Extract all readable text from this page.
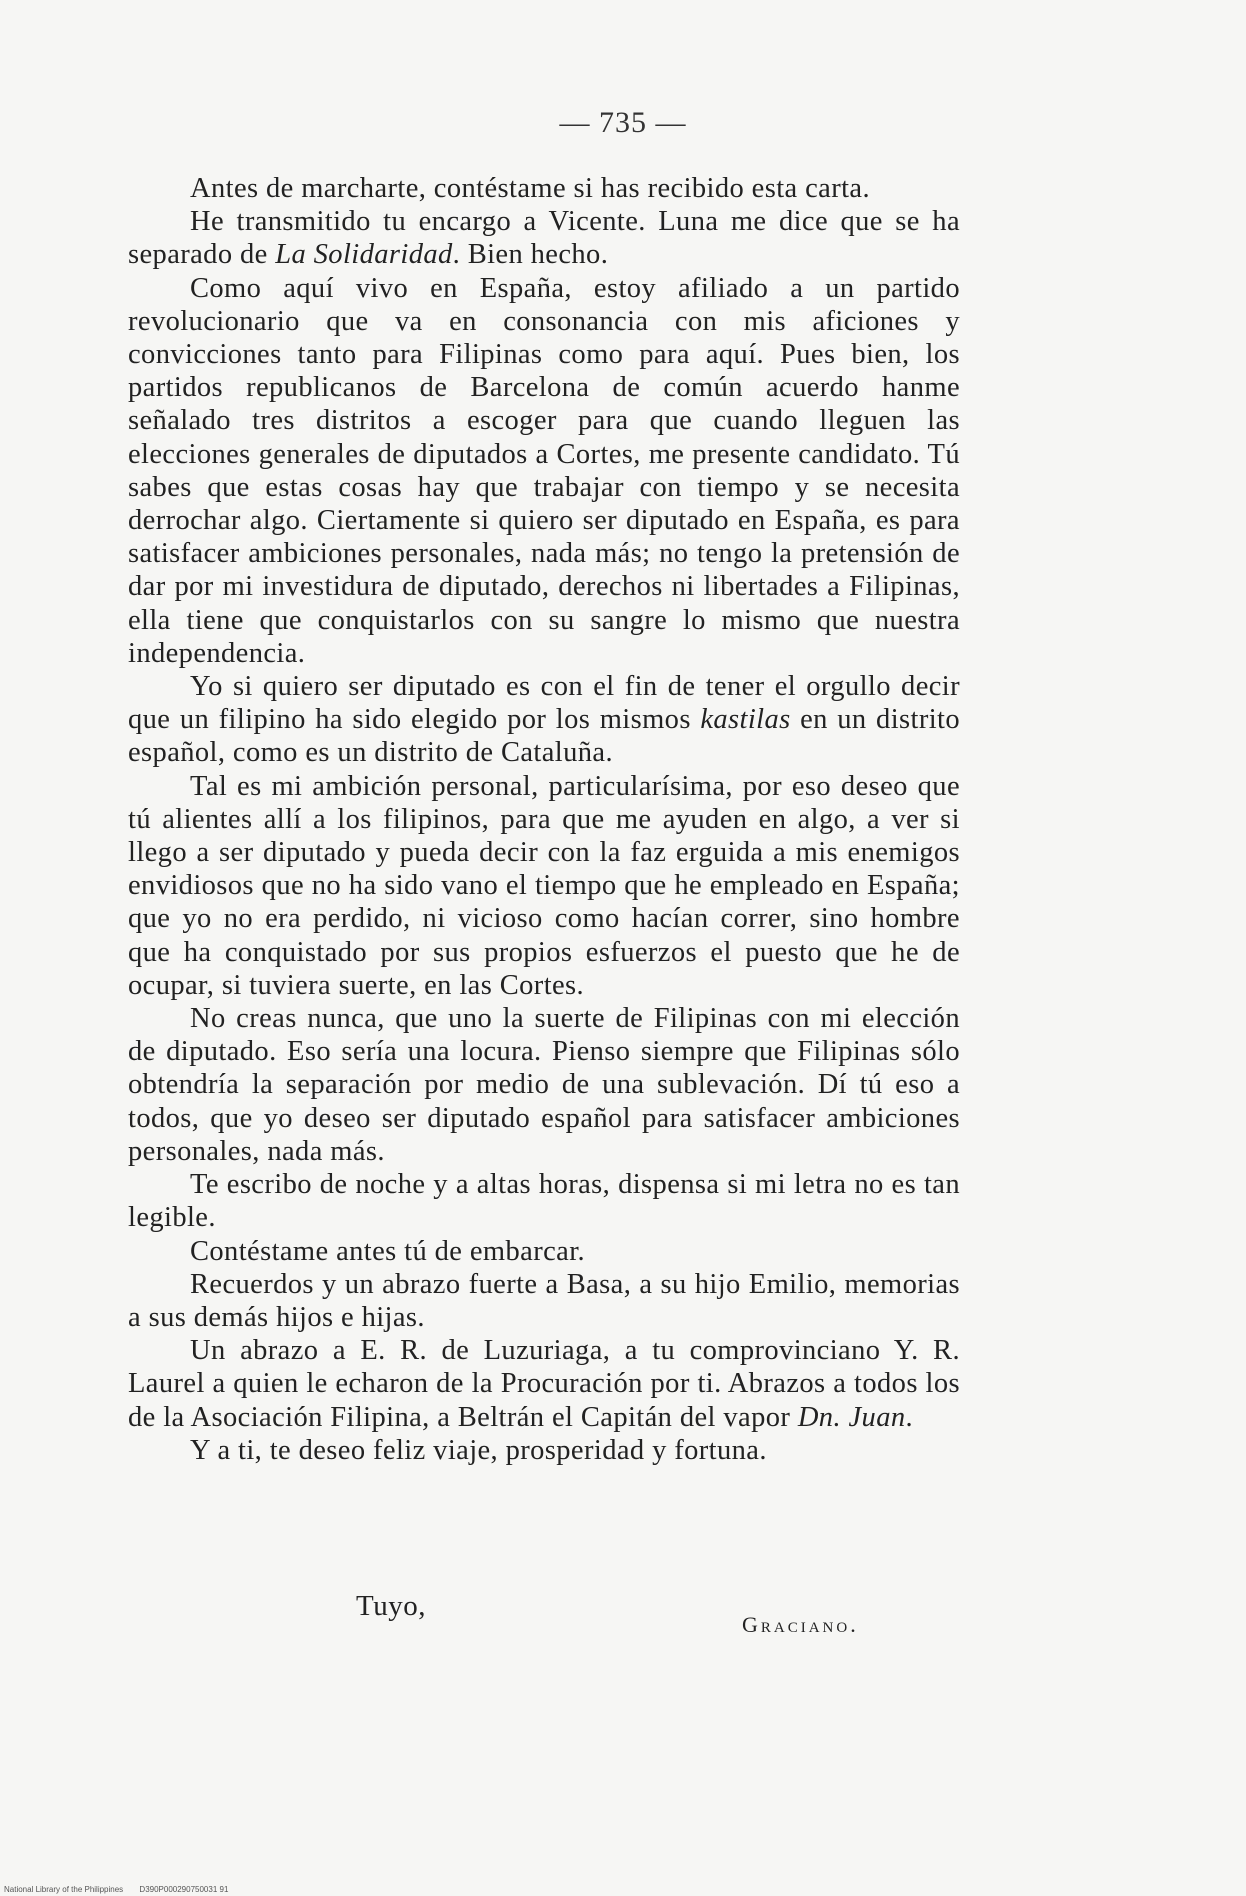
— 735 —

Antes de marcharte, contéstame si has recibido esta carta.

He transmitido tu encargo a Vicente. Luna me dice que se ha separado de La Solidaridad. Bien hecho.

Como aquí vivo en España, estoy afiliado a un partido revolucionario que va en consonancia con mis aficiones y convicciones tanto para Filipinas como para aquí. Pues bien, los partidos republicanos de Barcelona de común acuerdo hanme señalado tres distritos a escoger para que cuando lleguen las elecciones generales de diputados a Cortes, me presente candidato. Tú sabes que estas cosas hay que trabajar con tiempo y se necesita derrochar algo. Ciertamente si quiero ser diputado en España, es para satisfacer ambiciones personales, nada más; no tengo la pretensión de dar por mi investidura de diputado, derechos ni libertades a Filipinas, ella tiene que conquistarlos con su sangre lo mismo que nuestra independencia.

Yo si quiero ser diputado es con el fin de tener el orgullo decir que un filipino ha sido elegido por los mismos kastilas en un distrito español, como es un distrito de Cataluña.

Tal es mi ambición personal, particularísima, por eso deseo que tú alientes allí a los filipinos, para que me ayuden en algo, a ver si llego a ser diputado y pueda decir con la faz erguida a mis enemigos envidiosos que no ha sido vano el tiempo que he empleado en España; que yo no era perdido, ni vicioso como hacían correr, sino hombre que ha conquistado por sus propios esfuerzos el puesto que he de ocupar, si tuviera suerte, en las Cortes.

No creas nunca, que uno la suerte de Filipinas con mi elección de diputado. Eso sería una locura. Pienso siempre que Filipinas sólo obtendría la separación por medio de una sublevación. Dí tú eso a todos, que yo deseo ser diputado español para satisfacer ambiciones personales, nada más.

Te escribo de noche y a altas horas, dispensa si mi letra no es tan legible.

Contéstame antes tú de embarcar.

Recuerdos y un abrazo fuerte a Basa, a su hijo Emilio, memorias a sus demás hijos e hijas.

Un abrazo a E. R. de Luzuriaga, a tu comprovinciano Y. R. Laurel a quien le echaron de la Procuración por ti. Abrazos a todos los de la Asociación Filipina, a Beltrán el Capitán del vapor Dn. Juan.

Y a ti, te deseo feliz viaje, prosperidad y fortuna.

Tuyo,
Graciano.
National Library of the Philippines D390P000290750031 91
